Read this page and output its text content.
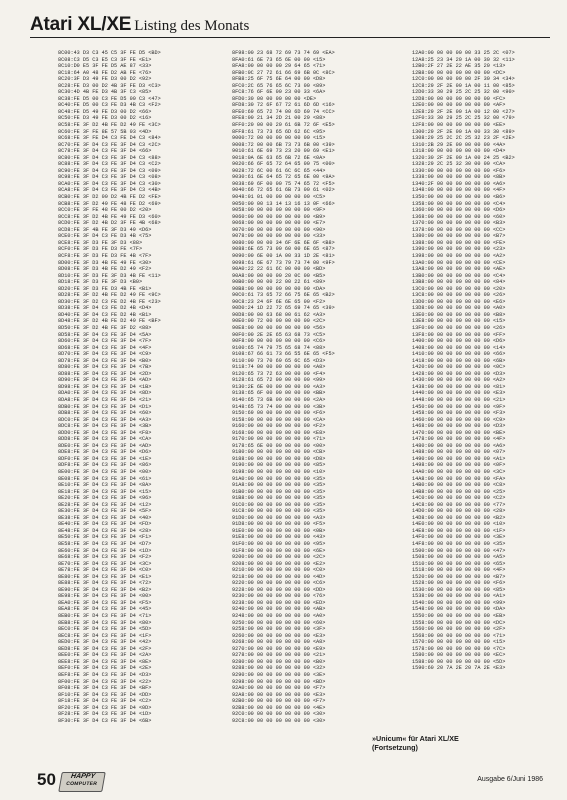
Atari XL/XE Listing des Monats
8C00:43 D3 C3 45 C5 3F FE D5 <BD>
8C08:C3 D5 C3 E5 C3 3F FE <E1>
8C10:D0 E5 3F FE D5 AE 87 <33>
8C18:64 A0 48 FE D2 AB FE <76>
8C20:3F D3 49 FE D3 00 D2 <92>
8C28:FE D3 00 D2 4B 3F FE D3 <C3>
8C30:4D 4B FE D3 4B 3F C3 <85>
8C38:FE D5 00 C3 FE D5 00 C3 <47>
8C40:FE D5 00 C3 FE D3 4B C3 <F2>
8C48:FE D5 49 FE D3 00 D2 <66>
8C50:FE D3 49 FE D3 00 D2 <16>
8C58:FE 3F D2 4B FE D2 49 FE <3C>
8C60:FE 3F FE 8E 57 5B 03 <4D>
8C68:FE 3F FE D4 C3 FE D4 C3 <84>
8C70:FE 3F D4 C3 FE 3F D4 C3 <2C>
8C78:FE 3F D4 C3 FE 3F D4 <66>
8C80:FE 3F D4 C3 FE 3F D4 C3 <88>
8C88:FE 3F D4 C3 FE 3F D4 C3 <C2>
8C90:FE 3F D4 C3 FE 3F D4 C3 <09>
8C98:FE 3F D4 C3 FE 3F D4 C3 <08>
8CA0:FE 3F D4 C3 FE 3F D4 C3 <30>
8CA8:FE 3F D4 C3 FE 3F D4 C3 <4B>
8CB0:FE 3F D2 00 D2 4B FE D2 <FE>
8CB8:FE 3F D2 49 FE 48 FE D2 <69>
8CC0:FE 3F FE 48 FE 00 D2 <20>
8CC8:FE 3F D2 4B FE 49 FE D3 <60>
8CD0:FE 3F D2 4B D2 3F FE 4B <68>
8CD8:FE 3F 4B FE 3F D3 49 <D6>
8CE0:FE 3F D4 C3 FE D3 4B <75>
8CE8:FE 3F D3 FE 3F D3 <88>
8CF0:FE 3F D3 FE D3 FE <7F>
8CF8:FE 3F D3 FE D3 FE 4B <7F>
8D00:FE 3F D3 4B FE 49 FE <30>
8D08:FE 3F D3 4B FE D2 49 <F2>
8D10:FE 3F D3 FE 3F D3 4B FE <11>
8D18:FE 3F D3 FE 3F D3 <B0>
8D20:FE 3F D3 FE D3 4B FE <B1>
8D28:FE 3F D2 4B FE D2 49 FE <9C>
8D30:FE 3F D2 C3 FE D2 4B FE <23>
8D38:FE 3F D4 C3 FE D2 4B <D4>
8D40:FE 3F D4 C3 FE D2 4B <B1>
8D48:FE 3F D2 4B FE D2 49 FE <BF>
8D50:FE 3F D2 4B FE 3F D2 <88>
8D58:FE 3F D4 C3 FE 3F D4 <5A>
8D60:FE 3F D4 C3 FE 3F D4 <7F>
8D68:FE 3F D4 C3 FE 3F D4 <4F>
8D70:FE 3F D4 C3 FE 3F D4 <C9>
8D78:FE 3F D4 C3 FE 3F D4 <B0>
8D80:FE 3F D4 C3 FE 3F D4 <7B>
8D88:FE 3F D4 C3 FE 3F D4 <2D>
8D90:FE 3F D4 C3 FE 3F D4 <AD>
8D98:FE 3F D4 C3 FE 3F D4 <1B>
8DA0:FE 3F D4 C3 FE 3F D4 <8D>
8DA8:FE 3F D4 C3 FE 3F D4 <21>
8DB0:FE 3F D4 C3 FE 3F D4 <D1>
8DB8:FE 3F D4 C3 FE 3F D4 <60>
8DC0:FE 3F D4 C3 FE 3F D4 <A3>
8DC8:FE 3F D4 C3 FE 3F D4 <3B>
8DD0:FE 3F D4 C3 FE 3F D4 <F8>
8DD8:FE 3F D4 C3 FE 3F D4 <CA>
8DE0:FE 3F D4 C3 FE 3F D4 <AD>
8DE8:FE 3F D4 C3 FE 3F D4 <D6>
8DF0:FE 3F D4 C3 FE 3F D4 <1E>
8DF8:FE 3F D4 C3 FE 3F D4 <86>
8E00:FE 3F D4 C3 FE 3F D4 <00>
8E08:FE 3F D4 C3 FE 3F D4 <61>
8E10:FE 3F D4 C3 FE 3F D4 <8A>
8E18:FE 3F D4 C3 FE 3F D4 <15>
8E20:FE 3F D4 C3 FE 3F D4 <96>
8E28:FE 3F D4 C3 FE 3F D4 <12>
8E30:FE 3F D4 C3 FE 3F D4 <5F>
8E38:FE 3F D4 C3 FE 3F D4 <40>
8E40:FE 3F D4 C3 FE 3F D4 <FD>
8E48:FE 3F D4 C3 FE 3F D4 <28>
8E50:FE 3F D4 C3 FE 3F D4 <F1>
8E58:FE 3F D4 C3 FE 3F D4 <D7>
8E60:FE 3F D4 C3 FE 3F D4 <1D>
8E68:FE 3F D4 C3 FE 3F D4 <F2>
8E70:FE 3F D4 C3 FE 3F D4 <3C>
8E78:FE 3F D4 C3 FE 3F D4 <C0>
8E80:FE 3F D4 C3 FE 3F D4 <E1>
8E88:FE 3F D4 C3 FE 3F D4 <72>
8E90:FE 3F D4 C3 FE 3F D4 <B2>
8E98:FE 3F D4 C3 FE 3F D4 <00>
8EA0:FE 3F D4 C3 FE 3F D4 <F5>
8EA8:FE 3F D4 C3 FE 3F D4 <45>
8EB0:FE 3F D4 C3 FE 3F D4 <71>
8EB8:FE 3F D4 C3 FE 3F D4 <80>
8EC0:FE 3F D4 C3 FE 3F D4 <5D>
8EC8:FE 3F D4 C3 FE 3F D4 <1F>
8ED0:FE 3F D4 C3 FE 3F D4 <42>
8ED8:FE 3F D4 C3 FE 3F D4 <2F>
8EE0:FE 3F D4 C3 FE 3F D4 <2A>
8EE8:FE 3F D4 C3 FE 3F D4 <8E>
8EF0:FE 3F D4 C3 FE 3F D4 <2E>
8EF8:FE 3F D4 C3 FE 3F D4 <D3>
8F00:FE 3F D4 C3 FE 3F D4 <22>
8F08:FE 3F D4 C3 FE 3F D4 <BF>
8F10:FE 3F D4 C3 FE 3F D4 <DD>
8F18:FE 3F D4 C3 FE 3F D4 <C2>
8F20:FE 3F D4 C3 FE 3F D4 <0D>
8F28:FE 3F D4 C3 FE 3F D4 <1D>
8F30:FE 3F D4 C3 FE 3F D4 <6B>
8F98:00 23 68 72 69 73 74 69 <EA>
8FA0:61 6E 73 65 6E 00 00 <15>
8FA8:00 00 00 00 29 64 65 <71>
8FB0:0C 27 72 61 66 69 6B 0C <8C>
8FB8:25 6F 75 6E 64 00 00 <D8>
8FC0:2C 65 76 65 6C 73 00 <89>
8FC8:76 6F 6E 00 23 00 33 <6A>
8FD0:30 00 00 00 00 00 <DE>
8FD8:30 72 6F 67 72 61 6D 6D <16>
8FE0:69 65 72 74 00 6D 69 74 <CC>
8FE8:00 21 34 2D 21 00 29 <88>
8FF0:20 00 00 20 61 6B 72 6F <E5>
8FF8:61 73 73 65 6D 62 6C <95>
9000:72 00 00 00 00 00 00 <15>
9008:72 00 00 6B 73 73 6B 00 <39>
9010:61 6E 69 73 23 20 00 69 <E1>
9018:0A 6E 63 65 6B 72 6E <0A>
9020:66 6F 65 72 64 65 00 75 <00>
9028:72 6C 00 61 6C 6C 65 <44>
9030:61 6E 64 65 72 65 6E 00 <9A>
9038:69 6F 00 00 75 74 65 72 <F5>
9040:66 72 65 61 6B 73 00 61 <02>
9048:01 01 00 00 00 00 00 <C5>
9050:00 00 13 14 13 16 13 0F <66>
9058:00 00 00 00 00 00 00 <9F>
9060:00 00 00 00 00 00 00 <B9>
9068:00 00 00 00 00 00 00 <E7>
9070:00 00 00 00 00 00 00 <90>
9078:00 00 00 00 00 00 00 <33>
9080:00 00 00 34 6F 6E 6E 6F <B8>
9088:6E 65 73 00 60 00 6E 65 <87>
9090:00 6E 00 1A 00 33 1D 2E <81>
9098:61 6E 67 73 79 73 74 00 <9F>
90A0:22 22 61 6C 00 00 00 <BD>
90A8:00 00 00 00 20 0C 00 <B5>
90B0:00 00 00 22 00 22 61 <89>
90B8:00 00 00 00 00 00 00 <DA>
90C0:61 73 65 72 66 75 6E 65 <B2>
90C8:23 24 6F 6E 6E 65 00 <F2>
90D0:24 1D 22 72 65 69 74 65 <39>
90D8:00 00 63 68 00 61 62 <A3>
90E0:00 72 00 00 00 00 00 <2C>
90E8:00 00 00 00 00 00 00 <56>
90F0:00 2E 2E 65 63 68 73 <C5>
90F8:00 00 00 00 00 00 00 <C6>
9100:65 74 79 75 65 68 74 <88>
9108:67 66 61 73 66 55 6E 65 <F5>
9110:00 73 70 69 65 6C 65 <D3>
9118:74 00 00 00 00 00 00 <A8>
9120:65 73 72 63 00 00 00 <F4>
9128:61 65 72 00 00 00 00 <99>
9130:2E 6E 00 00 00 00 00 <A3>
9138:65 6F 00 00 00 00 00 <BB>
9140:65 73 6B 00 00 00 00 <2A>
9148:65 73 74 00 00 00 00 <3B>
9150:69 00 00 00 00 00 00 <F6>
9158:00 00 00 00 00 00 00 <CA>
9160:00 00 00 00 00 00 00 <F2>
9168:00 00 00 00 00 00 00 <E8>
9170:00 00 00 00 00 00 00 <71>
9178:65 6E 00 00 00 00 00 <00>
9180:00 00 00 00 00 00 00 <CB>
9188:00 00 00 00 00 00 00 <D8>
9190:00 00 00 00 00 00 00 <85>
9198:00 00 00 00 00 00 00 <10>
91A0:00 00 00 00 00 00 00 <35>
91A8:00 00 00 00 00 00 00 <35>
91B0:00 00 00 00 00 00 00 <35>
91B8:00 00 00 00 00 00 00 <35>
91C0:00 00 00 00 00 00 00 <35>
91C8:00 00 00 00 00 00 00 <35>
91D0:00 00 00 00 00 00 00 <A3>
91D8:00 00 00 00 00 00 00 <F5>
91E0:00 00 00 00 00 00 00 <0B>
91E8:00 00 00 00 00 00 00 <43>
91F0:00 00 00 00 00 00 00 <95>
91F8:00 00 00 00 00 00 00 <6E>
9200:00 00 00 00 00 00 00 <2C>
9208:00 00 00 00 00 00 00 <E2>
9210:00 00 00 00 00 00 00 <C0>
9218:00 00 00 00 00 00 00 <4D>
9220:00 00 00 00 00 00 00 <C6>
9228:00 00 00 00 00 00 00 <DD>
9230:00 00 00 00 00 00 00 <76>
9238:00 00 00 00 00 00 00 <ED>
9240:00 00 00 00 00 00 00 <AB>
9248:00 00 00 00 00 00 00 <A0>
9250:00 00 00 00 00 00 00 <60>
9258:00 00 00 00 00 00 00 <3F>
9260:00 00 00 00 00 00 00 <E3>
9268:00 00 00 00 00 00 00 <A8>
9270:00 00 00 00 00 00 00 <E9>
9278:00 00 00 00 00 00 00 <21>
9280:00 00 00 00 00 00 00 <B0>
9288:00 00 00 00 00 00 00 <32>
9290:00 00 00 00 00 00 00 <3E>
9298:00 00 00 00 00 00 00 <BD>
92A0:00 00 00 00 00 00 00 <F7>
92A8:00 00 00 00 00 00 00 <E3>
92B0:00 00 00 00 00 00 00 <F7>
92B8:00 00 00 00 00 00 00 <4E>
92C0:00 00 00 00 00 00 00 <30>
92C8:00 00 00 00 00 00 00 <30>
12A0:00 00 00 00 00 33 25 2C <07>
12A8:25 23 34 20 1A 00 30 32 <11>
12B0:2F 27 2E 22 AE 35 20 <13>
12B8:00 00 00 00 00 00 00 <DC>
12C0:00 00 00 00 00 2F 30 34 <34>
12C8:29 2F 2E 00 1A 00 11 00 <85>
12D0:33 30 29 25 2C 25 32 00 <90>
12D8:00 00 00 00 00 00 00 <FC>
12E0:00 00 00 00 00 00 00 <AF>
12E8:29 2F 2E 00 1A 00 12 00 <27>
12F0:33 30 29 25 2C 25 32 00 <79>
12F8:00 00 00 00 00 00 00 <EE>
1300:29 2F 2E 00 1A 00 33 30 <89>
1308:29 25 2C 2C 25 32 23 2F <2E>
1310:2B 29 2E 00 00 00 00 <4A>
1318:00 00 00 00 00 00 00 <D4>
1320:30 2F 2E 00 1A 00 24 25 <B2>
1328:29 2C 25 32 30 00 00 <CA>
1330:00 00 00 00 00 00 00 <F6>
1338:00 00 00 00 00 00 00 <8B>
1340:2F 00 00 00 00 00 00 <A6>
1348:00 00 00 00 00 00 00 <4F>
1350:00 00 00 00 00 00 00 <B6>
1358:00 00 00 00 00 00 00 <C4>
1360:00 00 00 00 00 00 00 <D6>
1368:00 00 00 00 00 00 00 <60>
1370:00 00 00 00 00 00 00 <B3>
1378:00 00 00 00 00 00 00 <CC>
1380:00 00 00 00 00 00 00 <B7>
1388:00 00 00 00 00 00 00 <FE>
1390:00 00 00 00 00 00 00 <23>
1398:00 00 00 00 00 00 00 <A2>
13A0:00 00 00 00 00 00 00 <CE>
13A8:00 00 00 00 00 00 00 <AE>
13B0:00 00 00 00 00 00 00 <C4>
13B8:00 00 00 00 00 00 00 <84>
13C0:00 00 00 00 00 00 00 <20>
13C8:00 00 00 00 00 00 00 <26>
13D0:00 00 00 00 00 00 00 <E6>
13D8:00 00 00 00 00 00 00 <A0>
13E0:00 00 00 00 00 00 00 <B8>
13E8:00 00 00 00 00 00 00 <15>
13F0:00 00 00 00 00 00 00 <26>
13F8:00 00 00 00 00 00 00 <FF>
1400:00 00 00 00 00 00 00 <D6>
1408:00 00 00 00 00 00 00 <14>
1410:00 00 00 00 00 00 00 <66>
1418:00 00 00 00 00 00 00 <6B>
1420:00 00 00 00 00 00 00 <0C>
1428:00 00 00 00 00 00 00 <D3>
1430:00 00 00 00 00 00 00 <A2>
1438:00 00 00 00 00 00 00 <81>
1440:00 00 00 00 00 00 00 <E3>
1448:00 00 00 00 00 00 00 <21>
1450:00 00 00 00 00 00 00 <9F>
1458:00 00 00 00 00 00 00 <F3>
1460:00 00 00 00 00 00 00 <C9>
1468:00 00 00 00 00 00 00 <D3>
1470:00 00 00 00 00 00 00 <BE>
1478:00 00 00 00 00 00 00 <4F>
1480:00 00 00 00 00 00 00 <A6>
1488:00 00 00 00 00 00 00 <07>
1490:00 00 00 00 00 00 00 <A1>
1498:00 00 00 00 00 00 00 <0F>
14A0:00 00 00 00 00 00 00 <3C>
14A8:00 00 00 00 00 00 00 <FA>
14B0:00 00 00 00 00 00 00 <C8>
14B8:00 00 00 00 00 00 00 <25>
14C0:00 00 00 00 00 00 00 <C2>
14C8:00 00 00 00 00 00 00 <77>
14D0:00 00 00 00 00 00 00 <28>
14D8:00 00 00 00 00 00 00 <B2>
14E0:00 00 00 00 00 00 00 <10>
14E8:00 00 00 00 00 00 00 <1F>
14F0:00 00 00 00 00 00 00 <3E>
14F8:00 00 00 00 00 00 00 <35>
1500:00 00 00 00 00 00 00 <47>
1508:00 00 00 00 00 00 00 <A5>
1510:00 00 00 00 00 00 00 <65>
1518:00 00 00 00 00 00 00 <4F>
1520:00 00 00 00 00 00 00 <B7>
1528:00 00 00 00 00 00 00 <F6>
1530:00 00 00 00 00 00 00 <85>
1538:00 00 00 00 00 00 00 <A1>
1540:00 00 00 00 00 00 00 <99>
1548:00 00 00 00 00 00 00 <DA>
1550:00 00 00 00 00 00 00 <EB>
1558:00 00 00 00 00 00 00 <DC>
1560:00 00 00 00 00 00 00 <2F>
1568:00 00 00 00 00 00 00 <71>
1570:00 00 00 00 00 00 00 <15>
1578:00 00 00 00 00 00 00 <7C>
1580:00 00 00 00 00 00 00 <EC>
1588:00 00 00 00 00 00 00 <5D>
1590:60 20 7A 2E 20 7A 2E <E3>
»Unicum« für Atari XL/XE
(Fortsetzung)
50	HAPPY
COMPUTER
Ausgabe 6/Juni 1986
